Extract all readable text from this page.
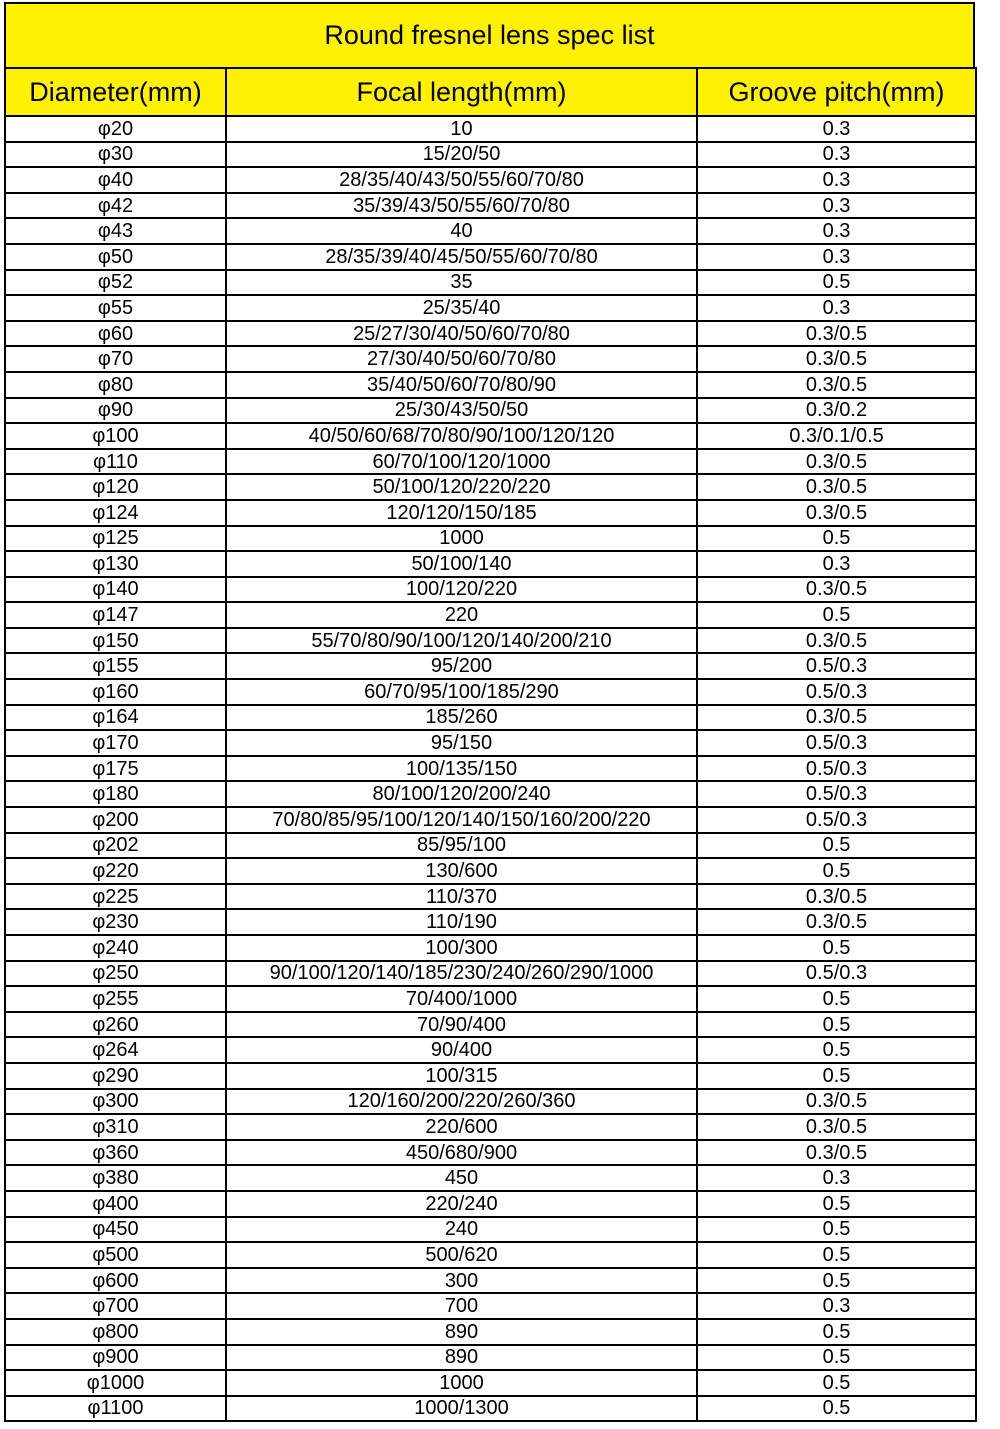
Round fresnel lens spec list
Diameter(mm)	Focal length(mm)	Groove pitch(mm)
φ20	10	0.3
φ30	15/20/50	0.3
φ40	28/35/40/43/50/55/60/70/80	0.3
φ42	35/39/43/50/55/60/70/80	0.3
φ43	40	0.3
φ50	28/35/39/40/45/50/55/60/70/80	0.3
φ52	35	0.5
φ55	25/35/40	0.3
φ60	25/27/30/40/50/60/70/80	0.3/0.5
φ70	27/30/40/50/60/70/80	0.3/0.5
φ80	35/40/50/60/70/80/90	0.3/0.5
φ90	25/30/43/50/50	0.3/0.2
φ100	40/50/60/68/70/80/90/100/120/120	0.3/0.1/0.5
φ110	60/70/100/120/1000	0.3/0.5
φ120	50/100/120/220/220	0.3/0.5
φ124	120/120/150/185	0.3/0.5
φ125	1000	0.5
φ130	50/100/140	0.3
φ140	100/120/220	0.3/0.5
φ147	220	0.5
φ150	55/70/80/90/100/120/140/200/210	0.3/0.5
φ155	95/200	0.5/0.3
φ160	60/70/95/100/185/290	0.5/0.3
φ164	185/260	0.3/0.5
φ170	95/150	0.5/0.3
φ175	100/135/150	0.5/0.3
φ180	80/100/120/200/240	0.5/0.3
φ200	70/80/85/95/100/120/140/150/160/200/220	0.5/0.3
φ202	85/95/100	0.5
φ220	130/600	0.5
φ225	110/370	0.3/0.5
φ230	110/190	0.3/0.5
φ240	100/300	0.5
φ250	90/100/120/140/185/230/240/260/290/1000	0.5/0.3
φ255	70/400/1000	0.5
φ260	70/90/400	0.5
φ264	90/400	0.5
φ290	100/315	0.5
φ300	120/160/200/220/260/360	0.3/0.5
φ310	220/600	0.3/0.5
φ360	450/680/900	0.3/0.5
φ380	450	0.3
φ400	220/240	0.5
φ450	240	0.5
φ500	500/620	0.5
φ600	300	0.5
φ700	700	0.3
φ800	890	0.5
φ900	890	0.5
φ1000	1000	0.5
φ1100	1000/1300	0.5
